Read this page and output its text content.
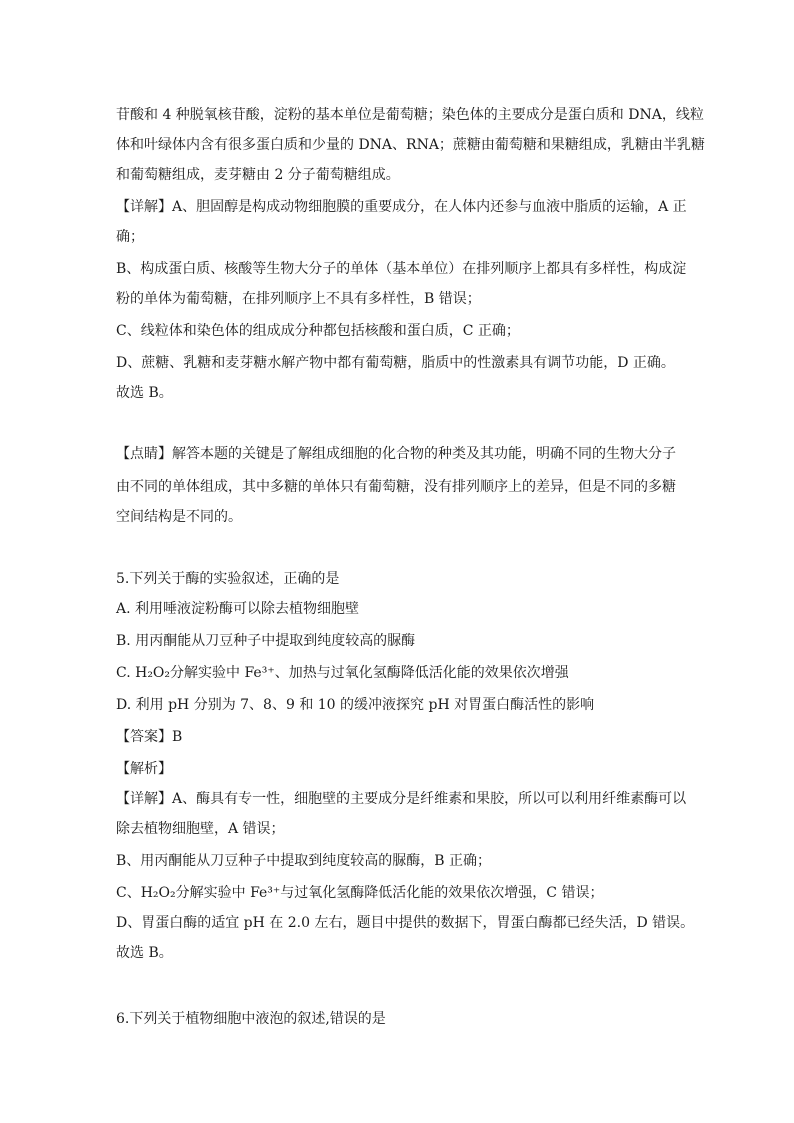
苷酸和 4 种脱氧核苷酸，淀粉的基本单位是葡萄糖；染色体的主要成分是蛋白质和 DNA，线粒
体和叶绿体内含有很多蛋白质和少量的 DNA、RNA；蔗糖由葡萄糖和果糖组成，乳糖由半乳糖
和葡萄糖组成，麦芽糖由 2 分子葡萄糖组成。
【详解】A、胆固醇是构成动物细胞膜的重要成分，在人体内还参与血液中脂质的运输，A 正
确；
B、构成蛋白质、核酸等生物大分子的单体（基本单位）在排列顺序上都具有多样性，构成淀
粉的单体为葡萄糖，在排列顺序上不具有多样性，B 错误；
C、线粒体和染色体的组成成分种都包括核酸和蛋白质，C 正确；
D、蔗糖、乳糖和麦芽糖水解产物中都有葡萄糖，脂质中的性激素具有调节功能，D 正确。
故选 B。
【点睛】解答本题的关键是了解组成细胞的化合物的种类及其功能，明确不同的生物大分子
由不同的单体组成，其中多糖的单体只有葡萄糖，没有排列顺序上的差异，但是不同的多糖
空间结构是不同的。
5.下列关于酶的实验叙述，正确的是
A. 利用唾液淀粉酶可以除去植物细胞壁
B. 用丙酮能从刀豆种子中提取到纯度较高的脲酶
C. H₂O₂分解实验中 Fe³⁺、加热与过氧化氢酶降低活化能的效果依次增强
D. 利用 pH 分别为 7、8、9 和 10 的缓冲液探究 pH 对胃蛋白酶活性的影响
【答案】B
【解析】
【详解】A、酶具有专一性，细胞壁的主要成分是纤维素和果胶，所以可以利用纤维素酶可以
除去植物细胞壁，A 错误；
B、用丙酮能从刀豆种子中提取到纯度较高的脲酶，B 正确；
C、H₂O₂分解实验中 Fe³⁺与过氧化氢酶降低活化能的效果依次增强，C 错误；
D、胃蛋白酶的适宜 pH 在 2.0 左右，题目中提供的数据下，胃蛋白酶都已经失活，D 错误。
故选 B。
6.下列关于植物细胞中液泡的叙述,错误的是
